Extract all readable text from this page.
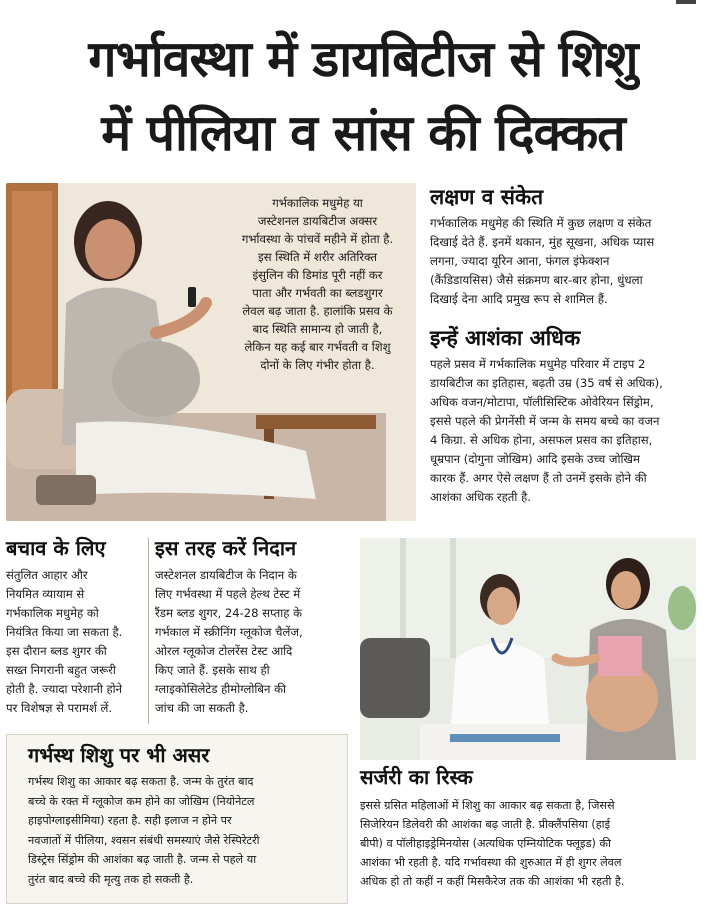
गर्भावस्था में डायबिटीज से शिशु
में पीलिया व सांस की दिक्कत
गर्भकालिक मधुमेह या
जस्टेशनल डायबिटीज अक्सर
गर्भावस्था के पांचवें महीने में होता है.
इस स्थिति में शरीर अतिरिक्त
इंसुलिन की डिमांड पूरी नहीं कर
पाता और गर्भवती का ब्लडशुगर
लेवल बढ़ जाता है. हालांकि प्रसव के
बाद स्थिति सामान्य हो जाती है,
लेकिन यह कई बार गर्भवती व शिशु
दोनों के लिए गंभीर होता है.
लक्षण व संकेत
गर्भकालिक मधुमेह की स्थिति में कुछ लक्षण व संकेत
दिखाई देते हैं. इनमें थकान, मुंह सूखना, अधिक प्यास
लगना, ज्यादा यूरिन आना, फंगल इंफेक्शन
(कैंडिडायसिस) जैसे संक्रमण बार-बार होना, धुंधला
दिखाई देना आदि प्रमुख रूप से शामिल हैं.
इन्हें आशंका अधिक
पहले प्रसव में गर्भकालिक मधुमेह परिवार में टाइप 2
डायबिटीज का इतिहास, बढ़ती उम्र (35 वर्ष से अधिक),
अधिक वजन/मोटापा, पॉलीसिस्टिक ओवेरियन सिंड्रोम,
इससे पहले की प्रेगनेंसी में जन्म के समय बच्चे का वजन
4 किग्रा. से अधिक होना, असफल प्रसव का इतिहास,
धूम्रपान (दोगुना जोखिम) आदि इसके उच्च जोखिम
कारक हैं. अगर ऐसे लक्षण हैं तो उनमें इसके होने की
आशंका अधिक रहती है.
बचाव के लिए
संतुलित आहार और
नियमित व्यायाम से
गर्भकालिक मधुमेह को
नियंत्रित किया जा सकता है.
इस दौरान ब्लड शुगर की
सख्त निगरानी बहुत जरूरी
होती है. ज्यादा परेशानी होने
पर विशेषज्ञ से परामर्श लें.
इस तरह करें निदान
जस्टेशनल डायबिटीज के निदान के
लिए गर्भवस्था में पहले हेल्थ टेस्ट में
रैंडम ब्लड शुगर, 24-28 सप्ताह के
गर्भकाल में स्क्रीनिंग ग्लूकोज चैलेंज,
ओरल ग्लूकोज टोलरेंस टेस्ट आदि
किए जाते हैं. इसके साथ ही
ग्लाइकोसिलेटेड हीमोग्लोबिन की
जांच की जा सकती है.
गर्भस्थ शिशु पर भी असर
गर्भस्थ शिशु का आकार बढ़ सकता है. जन्म के तुरंत बाद
बच्चे के रक्त में ग्लूकोज कम होने का जोखिम (नियोनेटल
हाइपोग्लाइसीमिया) रहता है. सही इलाज न होने पर
नवजातों में पीलिया, श्वसन संबंधी समस्याएं जैसे रेस्पिरेटरी
डिस्ट्रेस सिंड्रोम की आशंका बढ़ जाती है. जन्म से पहले या
तुरंत बाद बच्चे की मृत्यु तक हो सकती है.
सर्जरी का रिस्क
इससे ग्रसित महिलाओं में शिशु का आकार बढ़ सकता है, जिससे
सिजेरियन डिलेवरी की आशंका बढ़ जाती है. प्रीक्लैंपसिया (हाई
बीपी) व पॉलीहाइड्रेमिनयोस (अत्यधिक एम्नियोटिक फ्लूइड) की
आशंका भी रहती है. यदि गर्भावस्था की शुरुआत में ही शुगर लेवल
अधिक हो तो कहीं न कहीं मिसकैरेज तक की आशंका भी रहती है.
